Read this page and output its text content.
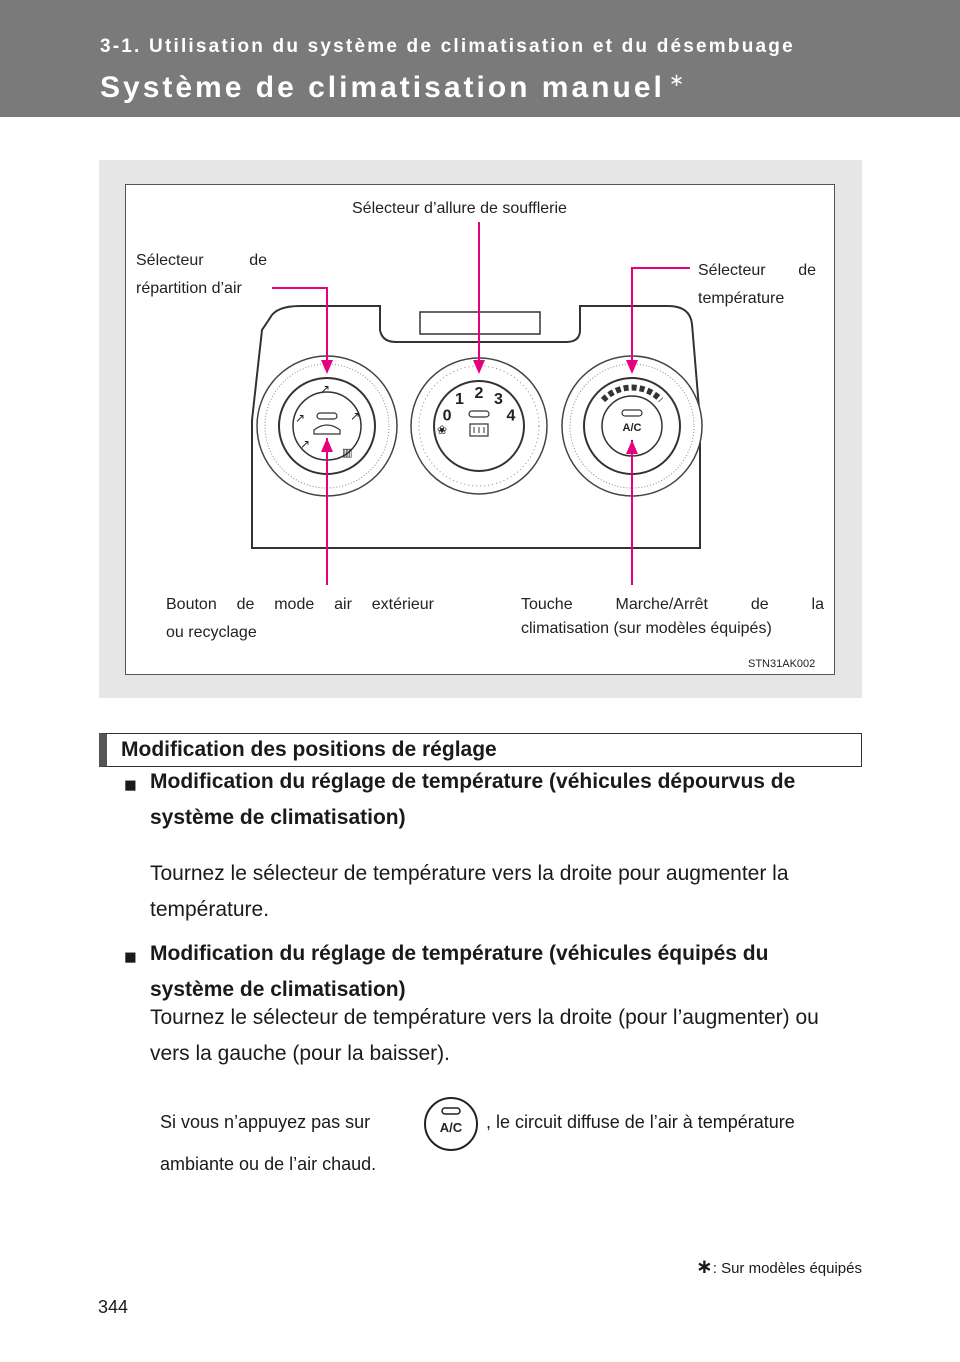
3-1. Utilisation du système de climatisation et du désembuage
Système de climatisation manuel ∗
↗
↗
↗
↗
▥
❀
0
1 2 3
4
A/C
Sélecteur d’allure de soufflerie
Sélecteur de
répartition d’air
Sélecteur de
température
Bouton de mode air extérieur
ou recyclage
Touche Marche/Arrêt de la
climatisation (sur modèles équipés)
STN31AK002
Modification des positions de réglage
■ Modification du réglage de température (véhicules dépourvus de système de climatisation)
Tournez le sélecteur de température vers la droite pour augmenter la température.
■ Modification du réglage de température (véhicules équipés du système de climatisation)
Tournez le sélecteur de température vers la droite (pour l’augmenter) ou vers la gauche (pour la baisser).
Si vous n’appuyez pas sur	A/C , le circuit diffuse de l’air à température
ambiante ou de l’air chaud.
∗: Sur modèles équipés
344
